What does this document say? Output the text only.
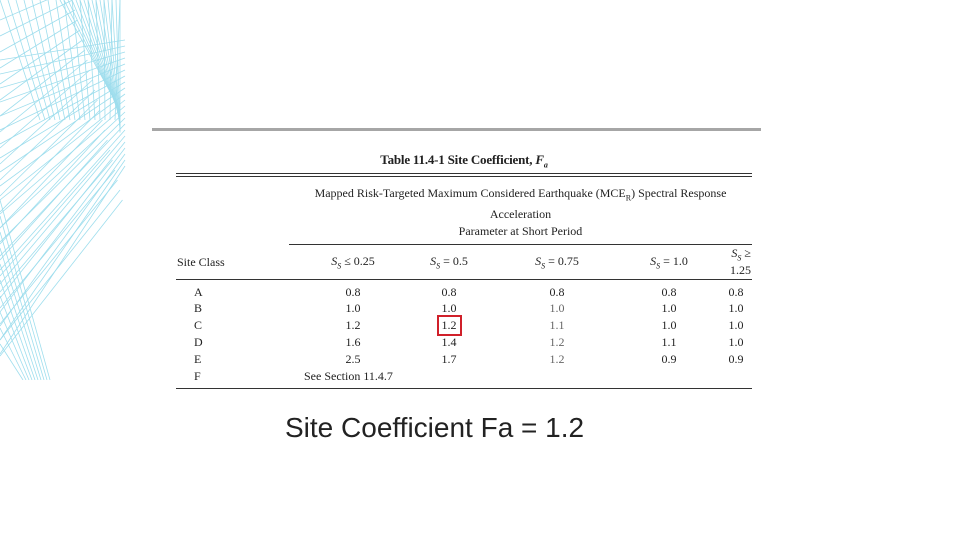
Table 11.4-1 Site Coefficient, $F_a$
Mapped Risk-Targeted Maximum Considered Earthquake $(MCE_R)$ Spectral Response Acceleration
Parameter at Short Period
Site Class	$S_S \le 0.25$	$S_S = 0.5$	$S_S = 0.75$	$S_S = 1.0$	$S_S \ge 1.25$
A	0.8	0.8	0.8	0.8	0.8
B	1.0	1.0	1.0	1.0	1.0
C	1.2	1.2	1.1	1.0	1.0
D	1.6	1.4	1.2	1.1	1.0
E	2.5	1.7	1.2	0.9	0.9
F	See Section 11.4.7				
Site Coefficient Fa = 1.2
